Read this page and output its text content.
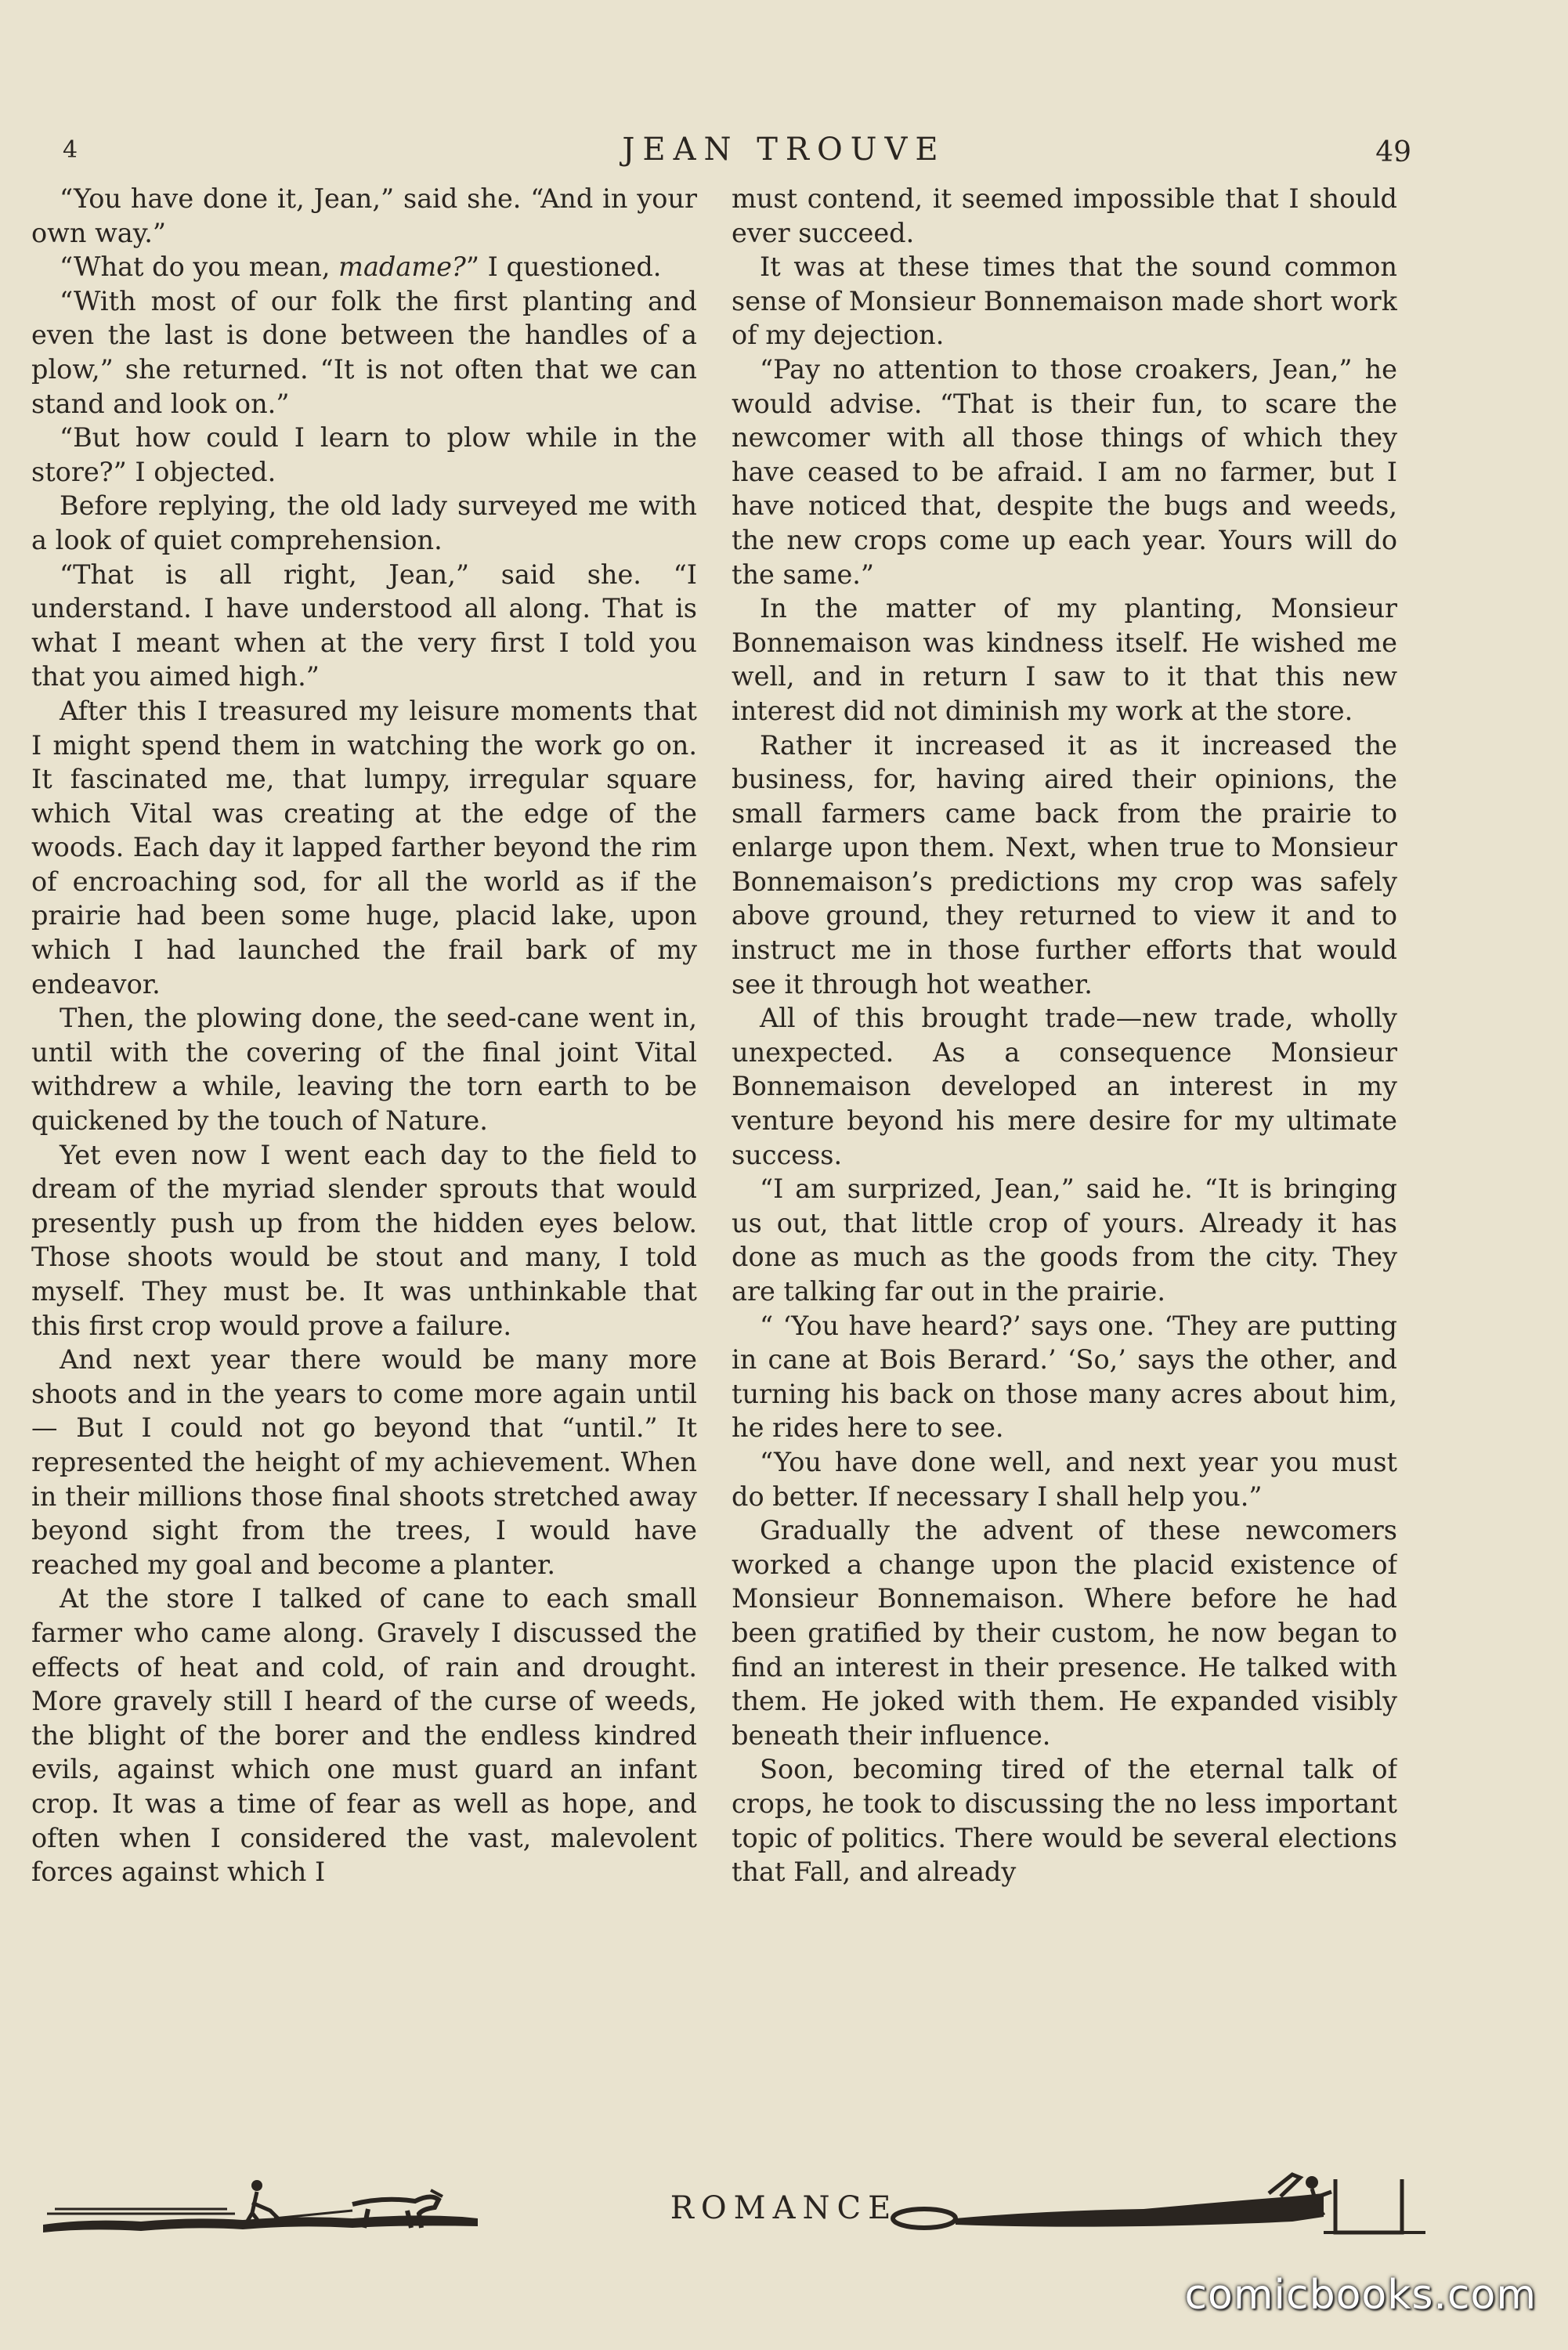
4	JEAN TROUVE	49

“You have done it, Jean,” said she. “And in your own way.”

“What do you mean, madame?” I questioned.

“With most of our folk the first planting and even the last is done between the handles of a plow,” she returned. “It is not often that we can stand and look on.”

“But how could I learn to plow while in the store?” I objected.

Before replying, the old lady surveyed me with a look of quiet comprehension.

“That is all right, Jean,” said she. “I understand. I have understood all along. That is what I meant when at the very first I told you that you aimed high.”

After this I treasured my leisure moments that I might spend them in watching the work go on. It fascinated me, that lumpy, irregular square which Vital was creating at the edge of the woods. Each day it lapped farther beyond the rim of encroaching sod, for all the world as if the prairie had been some huge, placid lake, upon which I had launched the frail bark of my endeavor.

Then, the plowing done, the seed-cane went in, until with the covering of the final joint Vital withdrew a while, leaving the torn earth to be quickened by the touch of Nature.

Yet even now I went each day to the field to dream of the myriad slender sprouts that would presently push up from the hidden eyes below. Those shoots would be stout and many, I told myself. They must be. It was unthinkable that this first crop would prove a failure.

And next year there would be many more shoots and in the years to come more again until— But I could not go beyond that “until.” It represented the height of my achievement. When in their millions those final shoots stretched away beyond sight from the trees, I would have reached my goal and become a planter.

At the store I talked of cane to each small farmer who came along. Gravely I discussed the effects of heat and cold, of rain and drought. More gravely still I heard of the curse of weeds, the blight of the borer and the endless kindred evils, against which one must guard an infant crop. It was a time of fear as well as hope, and often when I considered the vast, malevolent forces against which I

must contend, it seemed impossible that I should ever succeed.

It was at these times that the sound common sense of Monsieur Bonnemaison made short work of my dejection.

“Pay no attention to those croakers, Jean,” he would advise. “That is their fun, to scare the newcomer with all those things of which they have ceased to be afraid. I am no farmer, but I have noticed that, despite the bugs and weeds, the new crops come up each year. Yours will do the same.”

In the matter of my planting, Monsieur Bonnemaison was kindness itself. He wished me well, and in return I saw to it that this new interest did not diminish my work at the store.

Rather it increased it as it increased the business, for, having aired their opinions, the small farmers came back from the prairie to enlarge upon them. Next, when true to Monsieur Bonnemaison’s predictions my crop was safely above ground, they returned to view it and to instruct me in those further efforts that would see it through hot weather.

All of this brought trade—new trade, wholly unexpected. As a consequence Monsieur Bonnemaison developed an interest in my venture beyond his mere desire for my ultimate success.

“I am surprized, Jean,” said he. “It is bringing us out, that little crop of yours. Already it has done as much as the goods from the city. They are talking far out in the prairie.

“ ‘You have heard?’ says one. ‘They are putting in cane at Bois Berard.’ ‘So,’ says the other, and turning his back on those many acres about him, he rides here to see.

“You have done well, and next year you must do better. If necessary I shall help you.”

Gradually the advent of these newcomers worked a change upon the placid existence of Monsieur Bonnemaison. Where before he had been gratified by their custom, he now began to find an interest in their presence. He talked with them. He joked with them. He expanded visibly beneath their influence.

Soon, becoming tired of the eternal talk of crops, he took to discussing the no less important topic of politics. There would be several elections that Fall, and already

ROMANCE
comicbooks.com
